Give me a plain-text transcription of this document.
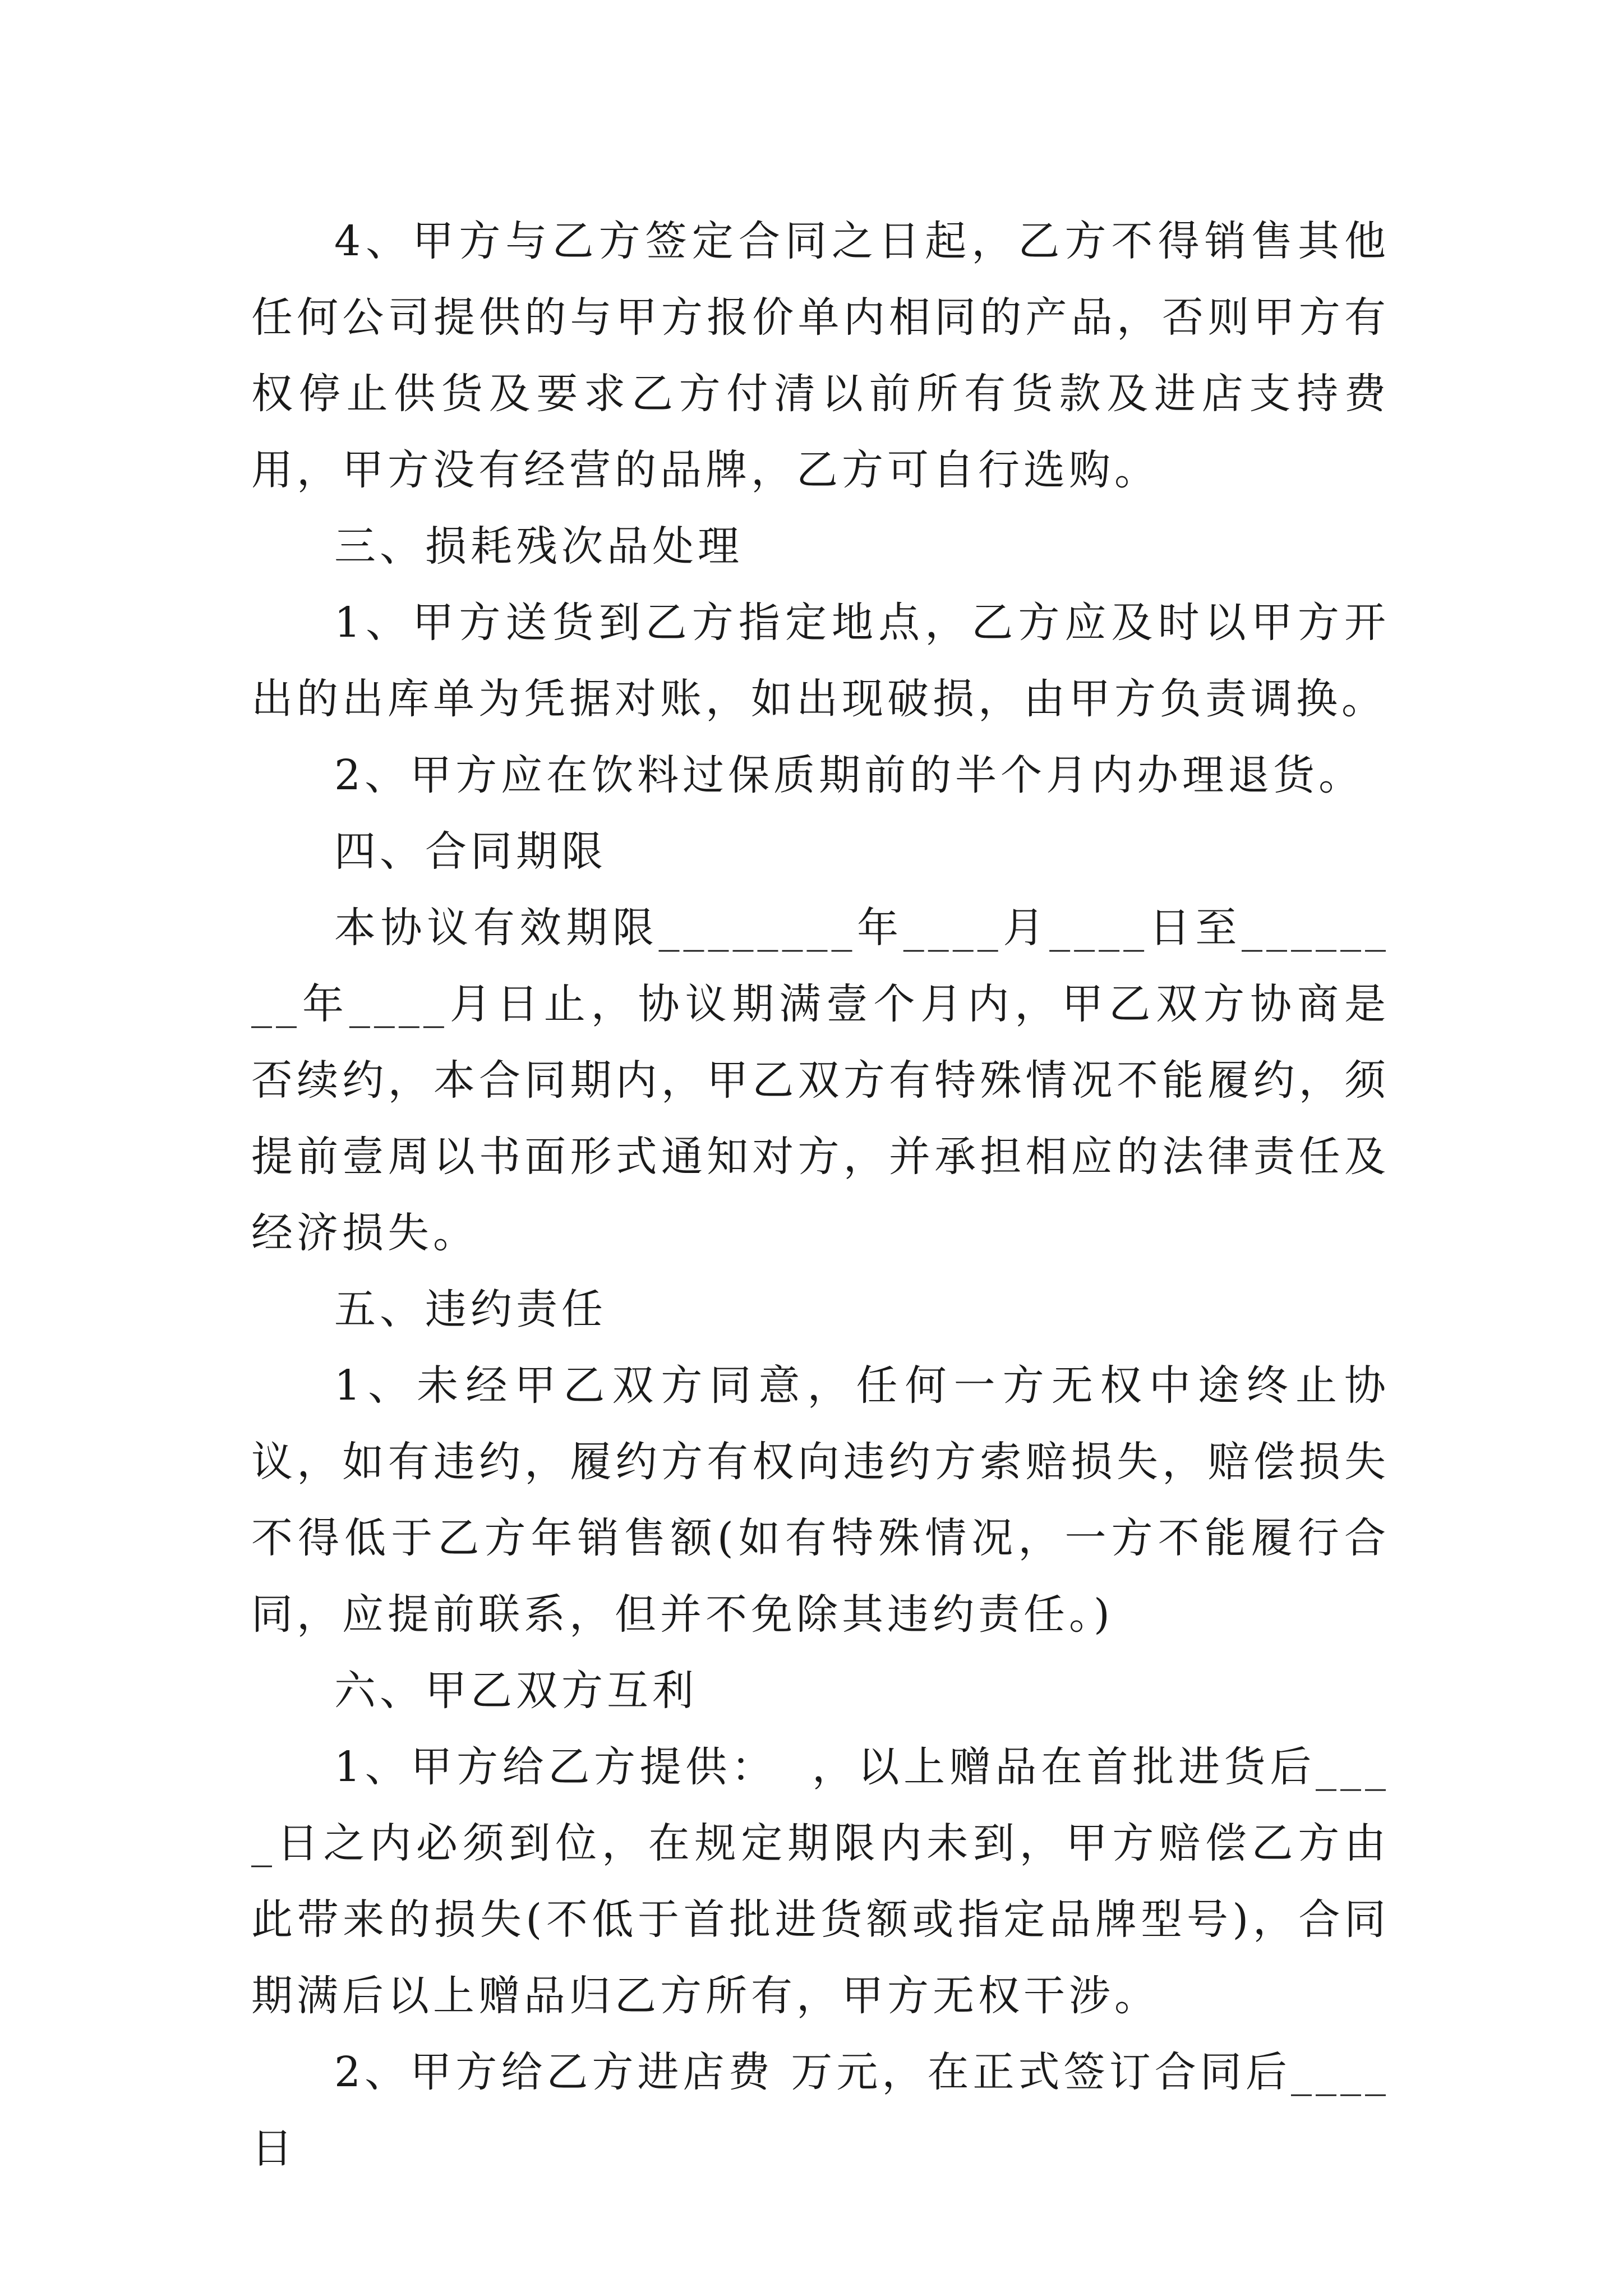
4、甲方与乙方签定合同之日起，乙方不得销售其他任何公司提供的与甲方报价单内相同的产品，否则甲方有权停止供货及要求乙方付清以前所有货款及进店支持费用，甲方没有经营的品牌，乙方可自行选购。

三、损耗残次品处理

1、甲方送货到乙方指定地点，乙方应及时以甲方开出的出库单为凭据对账，如出现破损，由甲方负责调换。

2、甲方应在饮料过保质期前的半个月内办理退货。

四、合同期限

本协议有效期限________年____月____日至________年____月日止，协议期满壹个月内，甲乙双方协商是否续约，本合同期内，甲乙双方有特殊情况不能履约，须提前壹周以书面形式通知对方，并承担相应的法律责任及经济损失。

五、违约责任

1、未经甲乙双方同意，任何一方无权中途终止协议，如有违约，履约方有权向违约方索赔损失，赔偿损失不得低于乙方年销售额(如有特殊情况，一方不能履行合同，应提前联系，但并不免除其违约责任。)

六、甲乙双方互利

1、甲方给乙方提供：  ，以上赠品在首批进货后____日之内必须到位，在规定期限内未到，甲方赔偿乙方由此带来的损失(不低于首批进货额或指定品牌型号)，合同期满后以上赠品归乙方所有，甲方无权干涉。

2、甲方给乙方进店费 万元，在正式签订合同后____日
